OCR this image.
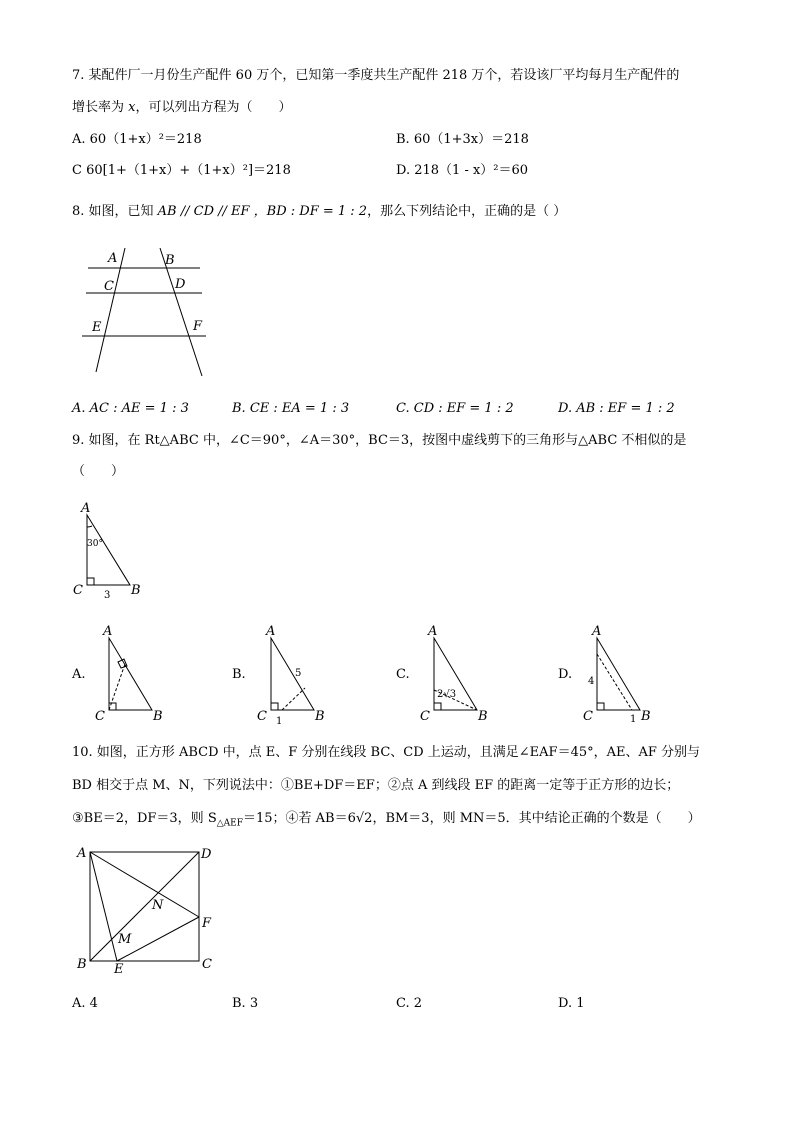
7. 某配件厂一月份生产配件 60 万个，已知第一季度共生产配件 218 万个，若设该厂平均每月生产配件的
增长率为 x，可以列出方程为（　　）
A. 60（1+x）²＝218	B. 60（1+3x）＝218
C 60[1+（1+x）+（1+x）²]＝218	D. 218（1 - x）²＝60
8. 如图，已知 AB // CD // EF ，BD : DF = 1 : 2，那么下列结论中，正确的是（ ）
A	B
C	D
E	F
A. AC : AE = 1 : 3	B. CE : EA = 1 : 3	C. CD : EF = 1 : 2	D. AB : EF = 1 : 2
9. 如图，在 Rt△ABC 中，∠C＝90°，∠A＝30°，BC＝3，按图中虚线剪下的三角形与△ABC 不相似的是
（　　）
A
C	B
30°
3
A
C	B
A
C	B
5
1
A
C	B
2√3
A
C	B
4
1
A.	B.	C.	D.
10. 如图，正方形 ABCD 中，点 E、F 分别在线段 BC、CD 上运动，且满足∠EAF＝45°，AE、AF 分别与
BD 相交于点 M、N，下列说法中：①BE+DF＝EF；②点 A 到线段 EF 的距离一定等于正方形的边长；
③BE＝2，DF＝3，则 $S_{\triangle AEF}=15$；④若 AB＝6√2，BM＝3，则 MN＝5．其中结论正确的个数是（　　）
A	D
N
F
M
B E	C
A. 4	B. 3	C. 2	D. 1
